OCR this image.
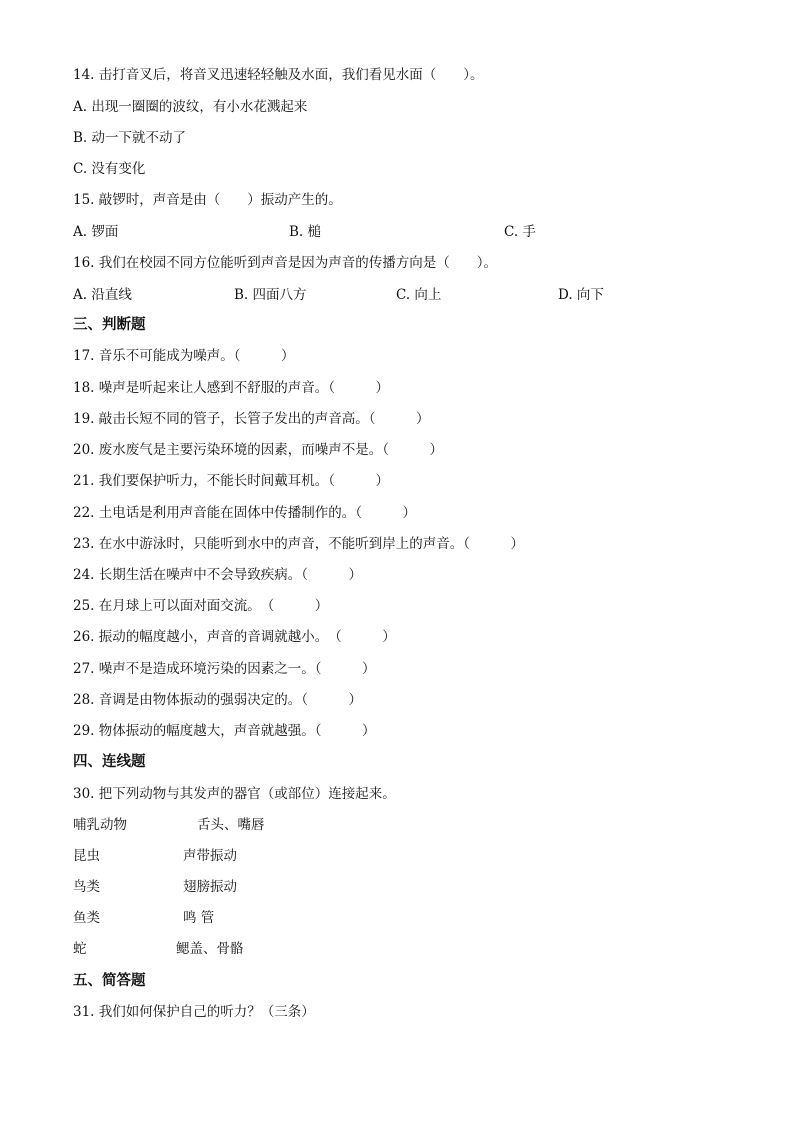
14. 击打音叉后，将音叉迅速轻轻触及水面，我们看见水面（　　）。
A. 出现一圈圈的波纹，有小水花溅起来
B. 动一下就不动了
C. 没有变化
15. 敲锣时，声音是由（　　）振动产生的。
A. 锣面	B. 槌	C. 手
16. 我们在校园不同方位能听到声音是因为声音的传播方向是（　　）。
A. 沿直线	B. 四面八方	C. 向上	D. 向下
三、判断题
17. 音乐不可能成为噪声。（　　　）
18. 噪声是听起来让人感到不舒服的声音。（　　　）
19. 敲击长短不同的管子，长管子发出的声音高。（　　　）
20. 废水废气是主要污染环境的因素，而噪声不是。（　　　）
21. 我们要保护听力，不能长时间戴耳机。（　　　）
22. 土电话是利用声音能在固体中传播制作的。（　　　）
23. 在水中游泳时，只能听到水中的声音，不能听到岸上的声音。（　　　）
24. 长期生活在噪声中不会导致疾病。（　　　）
25. 在月球上可以面对面交流。　（　　　）
26. 振动的幅度越小，声音的音调就越小。　（　　　）
27. 噪声不是造成环境污染的因素之一。（　　　）
28. 音调是由物体振动的强弱决定的。（　　　）
29. 物体振动的幅度越大，声音就越强。（　　　）
四、连线题
30. 把下列动物与其发声的器官（或部位）连接起来。
哺乳动物	舌头、嘴唇
昆虫	声带振动
鸟类	翅膀振动
鱼类	鸣 管
蛇	鳃盖、骨骼
五、简答题
31. 我们如何保护自己的听力？（三条）
